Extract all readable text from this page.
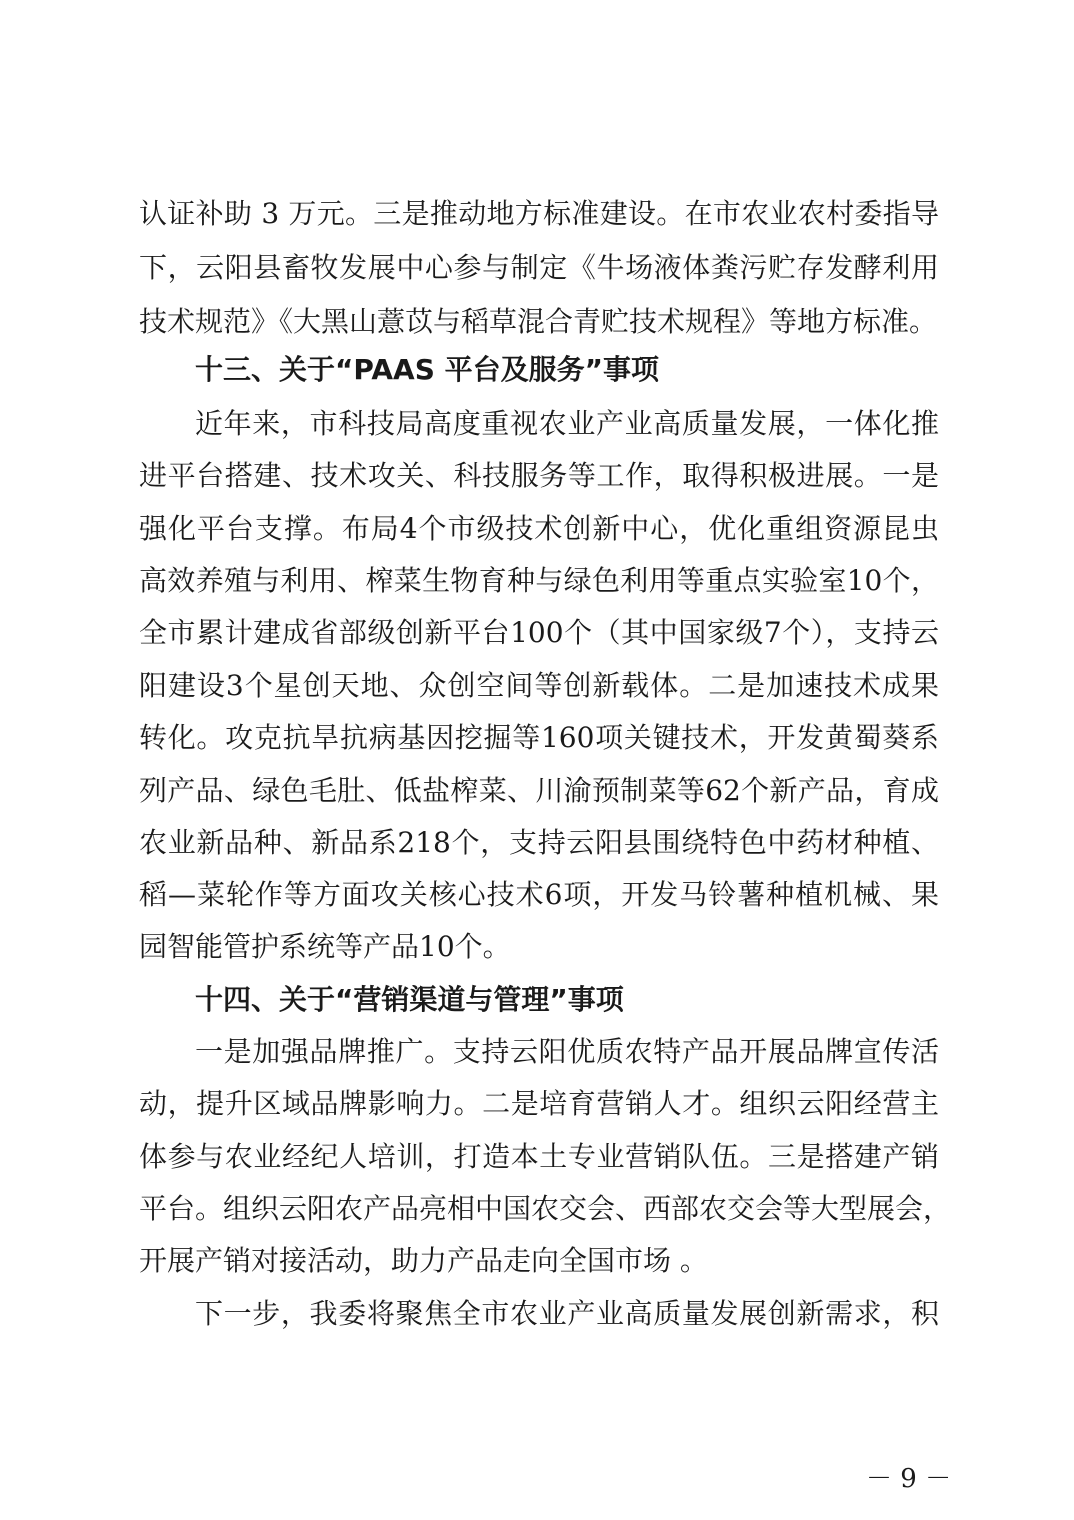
认证补助 3 万元。三是推动地方标准建设。在市农业农村委指导
下，云阳县畜牧发展中心参与制定《牛场液体粪污贮存发酵利用
技术规范》《大黑山薏苡与稻草混合青贮技术规程》等地方标准。
十三、关于“PAAS 平台及服务”事项
近年来，市科技局高度重视农业产业高质量发展，一体化推
进平台搭建、技术攻关、科技服务等工作，取得积极进展。一是
强化平台支撑。布局4个市级技术创新中心，优化重组资源昆虫
高效养殖与利用、榨菜生物育种与绿色利用等重点实验室10个，
全市累计建成省部级创新平台100个（其中国家级7个），支持云
阳建设3个星创天地、众创空间等创新载体。二是加速技术成果
转化。攻克抗旱抗病基因挖掘等160项关键技术，开发黄蜀葵系
列产品、绿色毛肚、低盐榨菜、川渝预制菜等62个新产品，育成
农业新品种、新品系218个，支持云阳县围绕特色中药材种植、
稻—菜轮作等方面攻关核心技术6项，开发马铃薯种植机械、果
园智能管护系统等产品10个。
十四、关于“营销渠道与管理”事项
一是加强品牌推广。支持云阳优质农特产品开展品牌宣传活
动，提升区域品牌影响力。二是培育营销人才。组织云阳经营主
体参与农业经纪人培训，打造本土专业营销队伍。三是搭建产销
平台。组织云阳农产品亮相中国农交会、西部农交会等大型展会，
开展产销对接活动，助力产品走向全国市场 。
下一步，我委将聚焦全市农业产业高质量发展创新需求，积
－ 9 －
